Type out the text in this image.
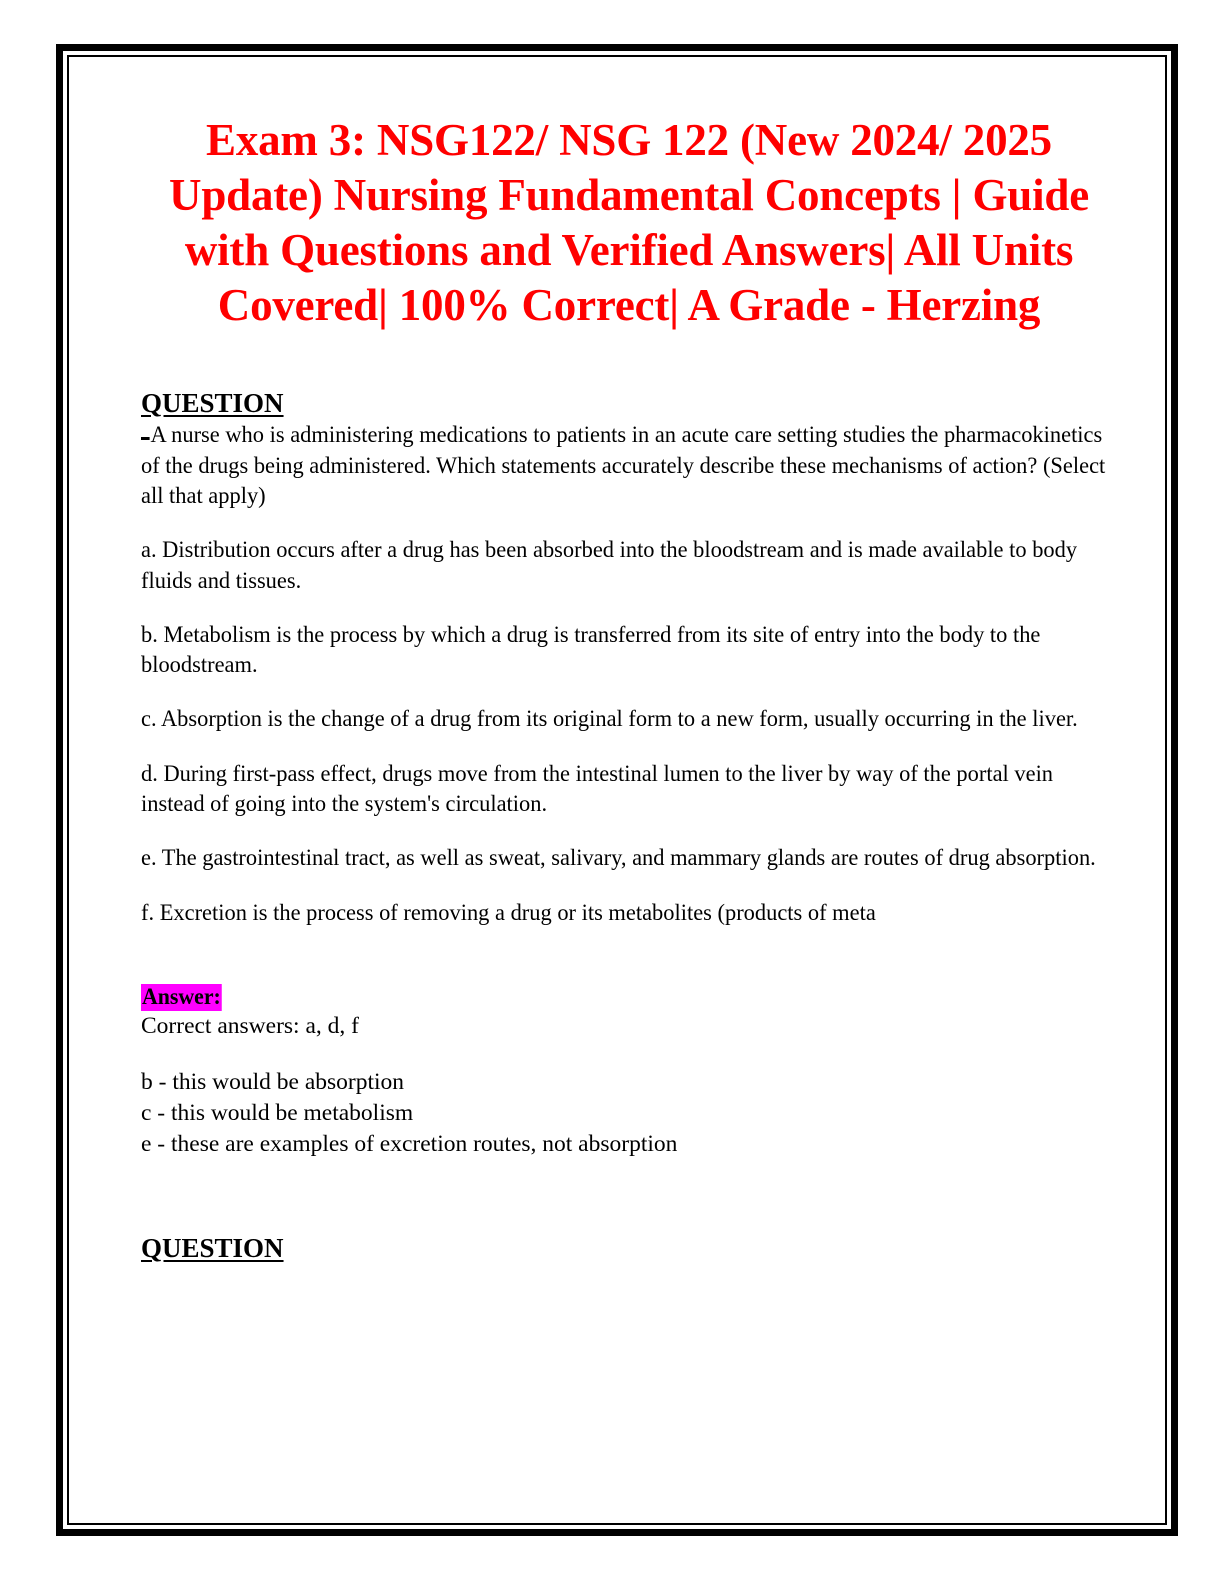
Exam 3: NSG122/ NSG 122 (New 2024/ 2025 Update) Nursing Fundamental Concepts | Guide with Questions and Verified Answers| All Units Covered| 100% Correct| A Grade - Herzing
QUESTION

A nurse who is administering medications to patients in an acute care setting studies the pharmacokinetics of the drugs being administered. Which statements accurately describe these mechanisms of action? (Select all that apply)

a. Distribution occurs after a drug has been absorbed into the bloodstream and is made available to body fluids and tissues.

b. Metabolism is the process by which a drug is transferred from its site of entry into the body to the bloodstream.

c. Absorption is the change of a drug from its original form to a new form, usually occurring in the liver.

d. During first-pass effect, drugs move from the intestinal lumen to the liver by way of the portal vein instead of going into the system's circulation.

e. The gastrointestinal tract, as well as sweat, salivary, and mammary glands are routes of drug absorption.

f. Excretion is the process of removing a drug or its metabolites (products of meta

Answer:

Correct answers: a, d, f

b - this would be absorption

c - this would be metabolism

e - these are examples of excretion routes, not absorption

QUESTION
